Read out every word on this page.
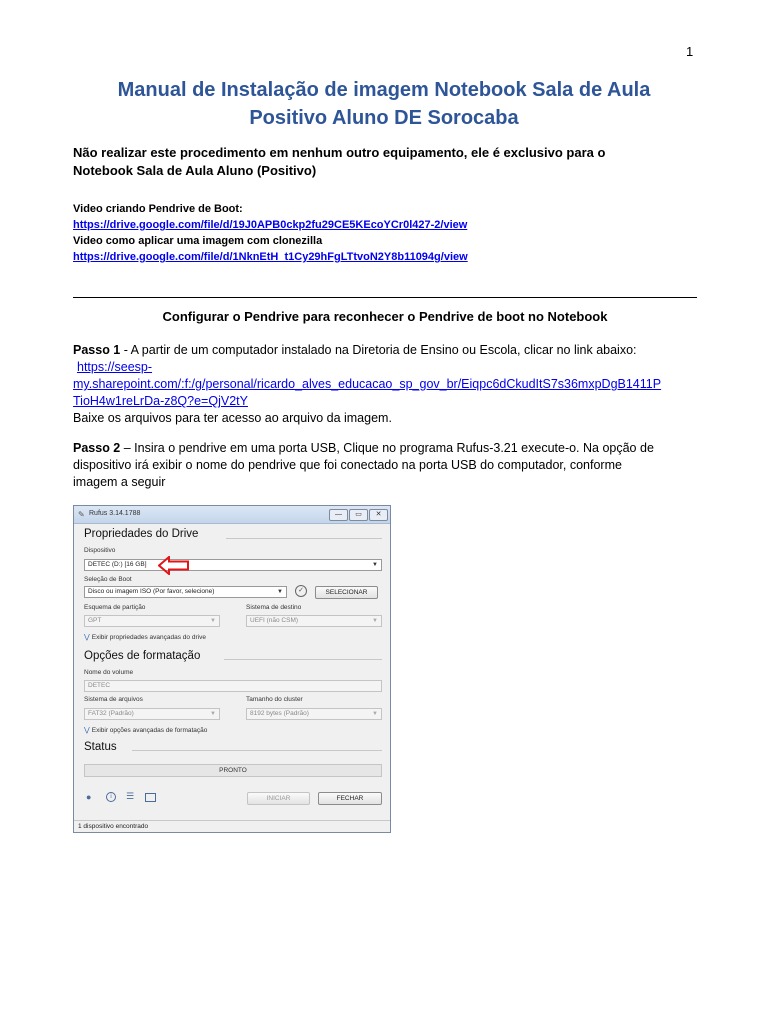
1
Manual de Instalação de imagem Notebook Sala de Aula
Positivo Aluno DE Sorocaba
Não realizar este procedimento em nenhum outro equipamento, ele é exclusivo para o
Notebook Sala de Aula Aluno (Positivo)
Video criando Pendrive de Boot:
https://drive.google.com/file/d/19J0APB0ckp2fu29CE5KEcoYCr0l427-2/view
Video como aplicar uma imagem com clonezilla
https://drive.google.com/file/d/1NknEtH_t1Cy29hFgLTtvoN2Y8b11094g/view
Configurar o Pendrive para reconhecer o Pendrive de boot no Notebook
Passo 1 - A partir de um computador instalado na Diretoria de Ensino ou Escola, clicar no link abaixo:
https://seesp-
my.sharepoint.com/:f:/g/personal/ricardo_alves_educacao_sp_gov_br/Eiqpc6dCkudItS7s36mxpDgB1411P
TioH4w1reLrDa-z8Q?e=QjV2tY
Baixe os arquivos para ter acesso ao arquivo da imagem.
Passo 2 – Insira o pendrive em uma porta USB, Clique no programa Rufus-3.21 execute-o. Na opção de
dispositivo irá exibir o nome do pendrive que foi conectado na porta USB do computador, conforme
imagem a seguir
✎ Rufus 3.14.1788	—	▭	✕
Propriedades do Drive
Dispositivo
DETEC (D:) [16 GB]	▼
Seleção de Boot
Disco ou imagem ISO (Por favor, selecione)	▼	✓	SELECIONAR
Esquema de partição
GPT	▼
Sistema de destino
UEFI (não CSM)	▼
⋁ Exibir propriedades avançadas do drive
Opções de formatação
Nome do volume
DETEC
Sistema de arquivos
FAT32 (Padrão)	▼
Tamanho do cluster
8192 bytes (Padrão)	▼
⋁ Exibir opções avançadas de formatação
Status
PRONTO
●	i	☰	INICIAR	FECHAR
1 dispositivo encontrado
